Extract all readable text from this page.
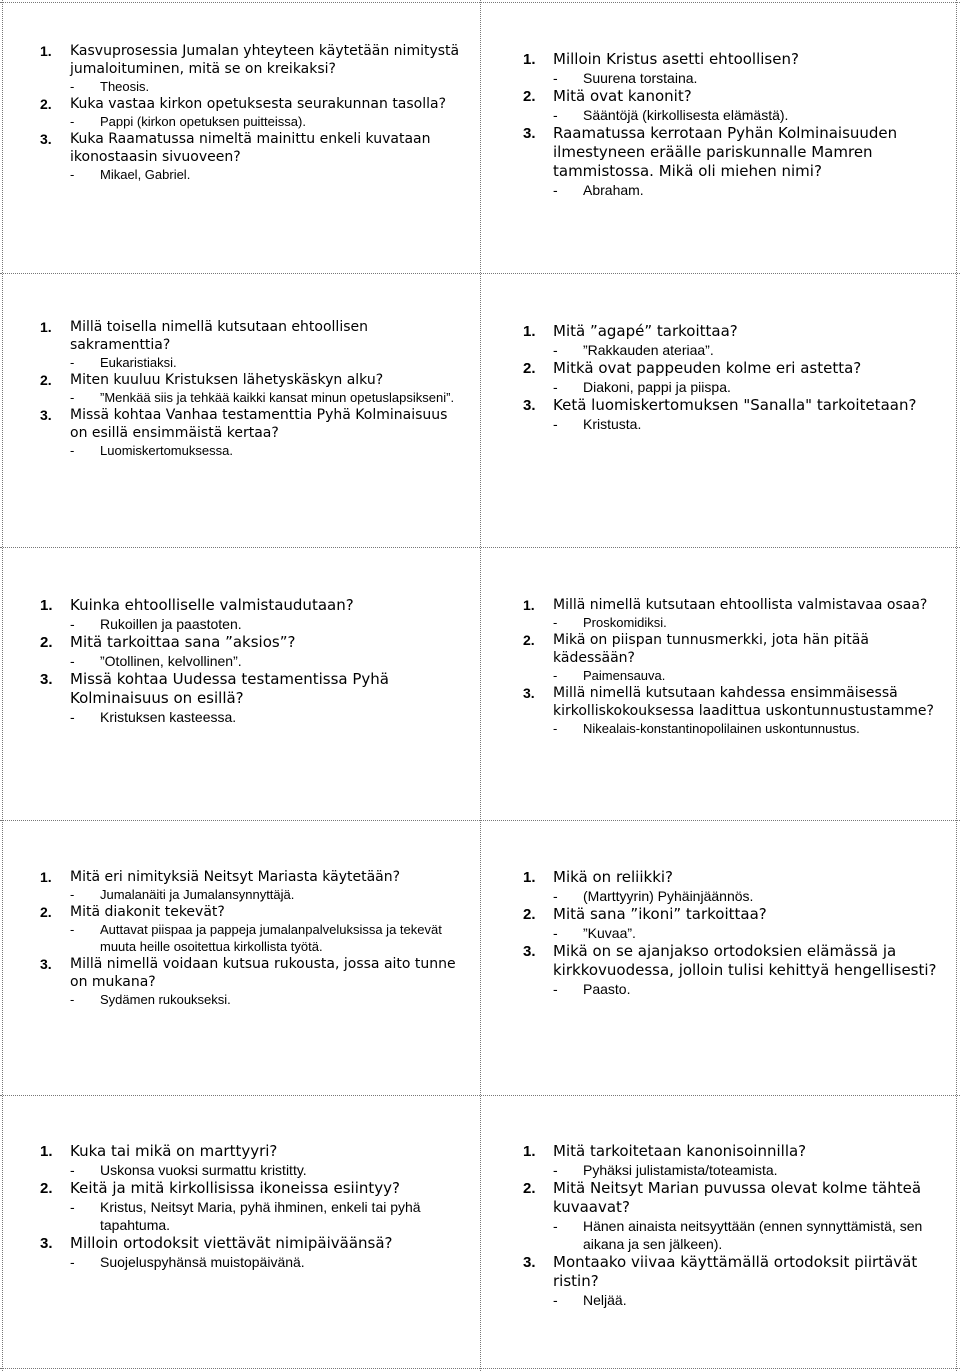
1.	Kasvuprosessia Jumalan yhteyteen käytetään nimitystä jumaloituminen, mitä se on kreikaksi?
-	Theosis.
2.	Kuka vastaa kirkon opetuksesta seurakunnan tasolla?
-	Pappi (kirkon opetuksen puitteissa).
3.	Kuka Raamatussa nimeltä mainittu enkeli kuvataan ikonostaasin sivuoveen?
-	Mikael, Gabriel.
1.	Milloin Kristus asetti ehtoollisen?
-	Suurena torstaina.
2.	Mitä ovat kanonit?
-	Sääntöjä (kirkollisesta elämästä).
3.	Raamatussa kerrotaan Pyhän Kolminaisuuden ilmestyneen eräälle pariskunnalle Mamren tammistossa. Mikä oli miehen nimi?
-	Abraham.
1.	Millä toisella nimellä kutsutaan ehtoollisen sakramenttia?
-	Eukaristiaksi.
2.	Miten kuuluu Kristuksen lähetyskäskyn alku?
-	”Menkää siis ja tehkää kaikki kansat minun opetuslapsikseni”.
3.	Missä kohtaa Vanhaa testamenttia Pyhä Kolminaisuus on esillä ensimmäistä kertaa?
-	Luomiskertomuksessa.
1.	Mitä ”agapé” tarkoittaa?
-	”Rakkauden ateriaa”.
2.	Mitkä ovat pappeuden kolme eri astetta?
-	Diakoni, pappi ja piispa.
3.	Ketä luomiskertomuksen "Sanalla" tarkoitetaan?
-	Kristusta.
1.	Kuinka ehtoolliselle valmistaudutaan?
-	Rukoillen ja paastoten.
2.	Mitä tarkoittaa sana ”aksios”?
-	”Otollinen, kelvollinen”.
3.	Missä kohtaa Uudessa testamentissa Pyhä Kolminaisuus on esillä?
-	Kristuksen kasteessa.
1.	Millä nimellä kutsutaan ehtoollista valmistavaa osaa?
-	Proskomidiksi.
2.	Mikä on piispan tunnusmerkki, jota hän pitää kädessään?
-	Paimensauva.
3.	Millä nimellä kutsutaan kahdessa ensimmäisessä kirkolliskokouksessa laadittua uskontunnustustamme?
-	Nikealais-konstantinopolilainen uskontunnustus.
1.	Mitä eri nimityksiä Neitsyt Mariasta käytetään?
-	Jumalanäiti ja Jumalansynnyttäjä.
2.	Mitä diakonit tekevät?
-	Auttavat piispaa ja pappeja jumalanpalveluksissa ja tekevät muuta heille osoitettua kirkollista työtä.
3.	Millä nimellä voidaan kutsua rukousta, jossa aito tunne on mukana?
-	Sydämen rukoukseksi.
1.	Mikä on reliikki?
-	(Marttyyrin) Pyhäinjäännös.
2.	Mitä sana ”ikoni” tarkoittaa?
-	”Kuvaa”.
3.	Mikä on se ajanjakso ortodoksien elämässä ja kirkkovuodessa, jolloin tulisi kehittyä hengellisesti?
-	Paasto.
1.	Kuka tai mikä on marttyyri?
-	Uskonsa vuoksi surmattu kristitty.
2.	Keitä ja mitä kirkollisissa ikoneissa esiintyy?
-	Kristus, Neitsyt Maria, pyhä ihminen, enkeli tai pyhä tapahtuma.
3.	Milloin ortodoksit viettävät nimipäiväänsä?
-	Suojeluspyhänsä muistopäivänä.
1.	Mitä tarkoitetaan kanonisoinnilla?
-	Pyhäksi julistamista/toteamista.
2.	Mitä Neitsyt Marian puvussa olevat kolme tähteä kuvaavat?
-	Hänen ainaista neitsyyttään (ennen synnyttämistä, sen aikana ja sen jälkeen).
3.	Montaako viivaa käyttämällä ortodoksit piirtävät ristin?
-	Neljää.
